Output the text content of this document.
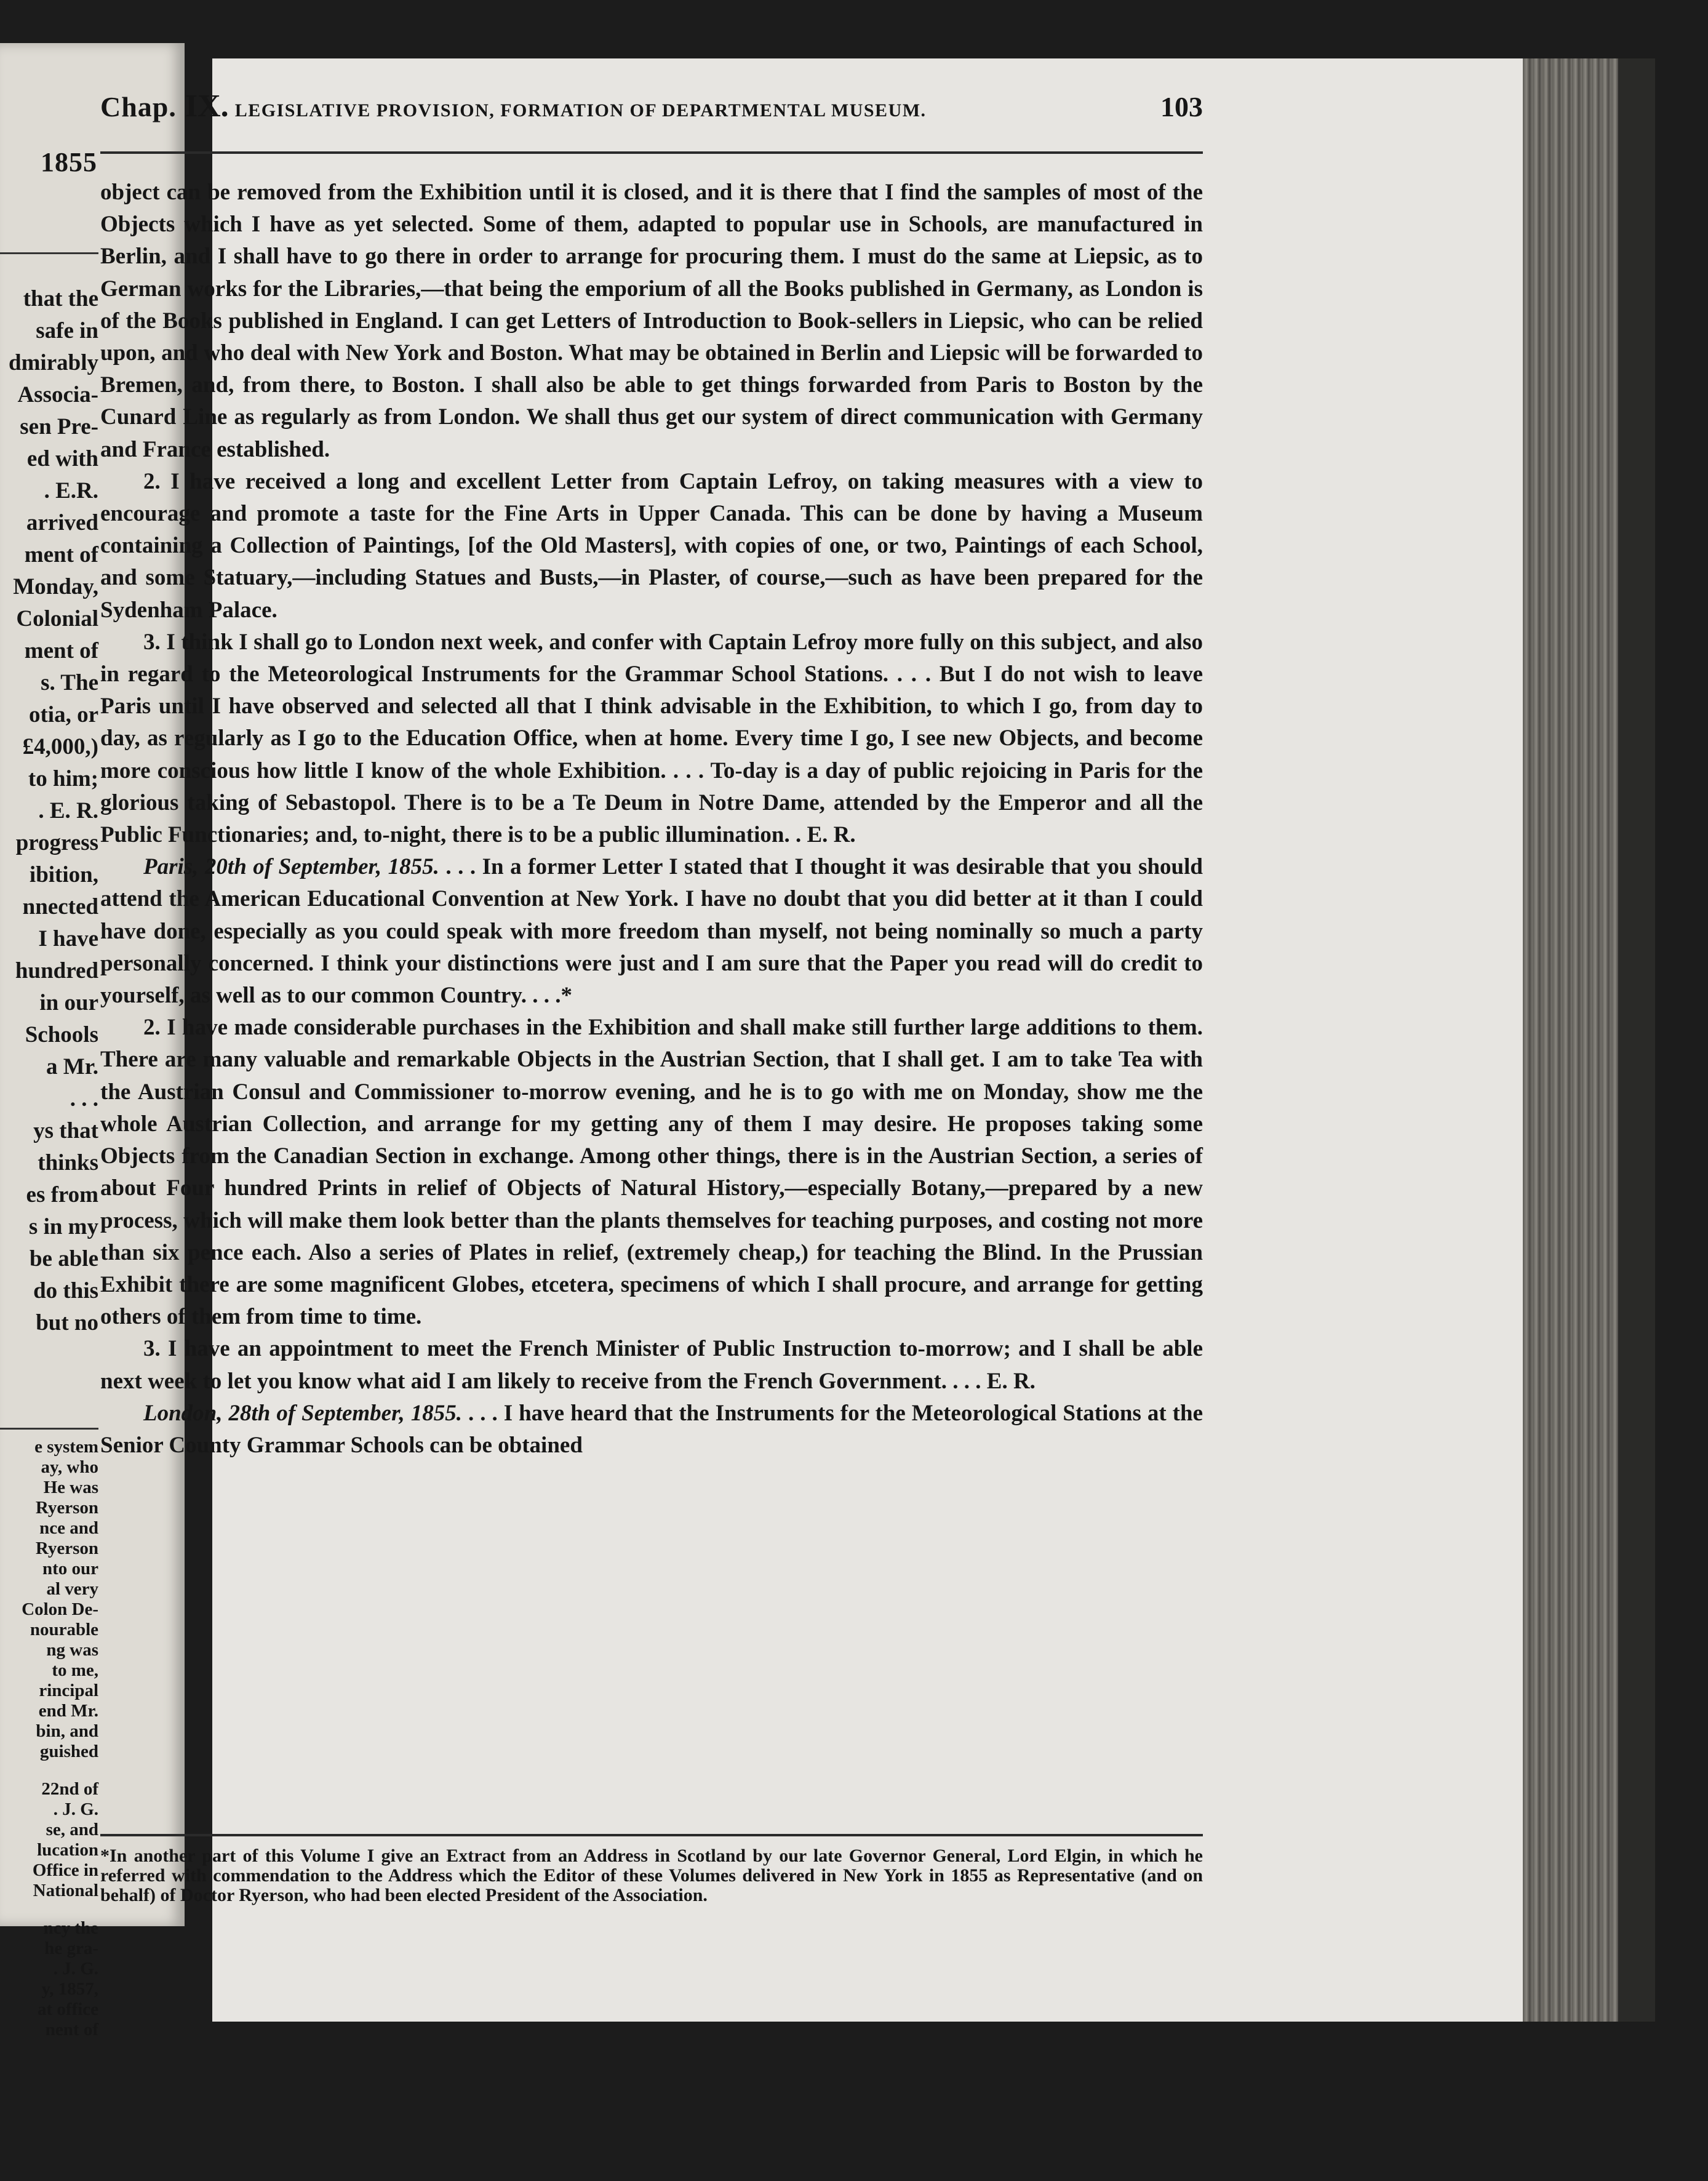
1855
that the
safe in
dmirably
Associa-
sen Pre-
ed with
. E.R.
arrived
ment of
Monday,
Colonial
ment of
s. The
otia, or
£4,000,)
to him;
. E. R.
progress
ibition,
nnected
I have
hundred
in our
Schools
a Mr.
. . .
ys that
thinks
es from
s in my
be able
do this
but no
e system
ay, who
He was
Ryerson
nce and
Ryerson
nto our
al very
Colon De-
nourable
ng was
to me,
rincipal
end Mr.
bin, and
guished
22nd of
. J. G.
se, and
lucation
Office in
National
ncy the
he gra-
. J. G.
y, 1857,
at office
nent of
Chap. IX. LEGISLATIVE PROVISION, FORMATION OF DEPARTMENTAL MUSEUM.	103

object can be removed from the Exhibition until it is closed, and it is there that I find the samples of most of the Objects which I have as yet selected. Some of them, adapted to popular use in Schools, are manufactured in Berlin, and I shall have to go there in order to arrange for procuring them. I must do the same at Liepsic, as to German works for the Libraries,—that being the emporium of all the Books published in Germany, as London is of the Books published in England. I can get Letters of Introduction to Book-sellers in Liepsic, who can be relied upon, and who deal with New York and Boston. What may be obtained in Berlin and Liepsic will be forwarded to Bremen, and, from there, to Boston. I shall also be able to get things forwarded from Paris to Boston by the Cunard Line as regularly as from London. We shall thus get our system of direct communication with Germany and France established.

2. I have received a long and excellent Letter from Captain Lefroy, on taking measures with a view to encourage and promote a taste for the Fine Arts in Upper Canada. This can be done by having a Museum containing a Collection of Paintings, [of the Old Masters], with copies of one, or two, Paintings of each School, and some Statuary,—including Statues and Busts,—in Plaster, of course,—such as have been prepared for the Sydenham Palace.

3. I think I shall go to London next week, and confer with Captain Lefroy more fully on this subject, and also in regard to the Meteorological Instruments for the Grammar School Stations. . . . But I do not wish to leave Paris until I have observed and selected all that I think advisable in the Exhibition, to which I go, from day to day, as regularly as I go to the Education Office, when at home. Every time I go, I see new Objects, and become more conscious how little I know of the whole Exhibition. . . . To-day is a day of public rejoicing in Paris for the glorious taking of Sebastopol. There is to be a Te Deum in Notre Dame, attended by the Emperor and all the Public Functionaries; and, to-night, there is to be a public illumination. . E. R.

Paris, 20th of September, 1855. . . . In a former Letter I stated that I thought it was desirable that you should attend the American Educational Convention at New York. I have no doubt that you did better at it than I could have done, especially as you could speak with more freedom than myself, not being nominally so much a party personally concerned. I think your distinctions were just and I am sure that the Paper you read will do credit to yourself, as well as to our common Country. . . .*

2. I have made considerable purchases in the Exhibition and shall make still further large additions to them. There are many valuable and remarkable Objects in the Austrian Section, that I shall get. I am to take Tea with the Austrian Consul and Commissioner to-morrow evening, and he is to go with me on Monday, show me the whole Austrian Collection, and arrange for my getting any of them I may desire. He proposes taking some Objects from the Canadian Section in exchange. Among other things, there is in the Austrian Section, a series of about Four hundred Prints in relief of Objects of Natural History,—especially Botany,—prepared by a new process, which will make them look better than the plants themselves for teaching purposes, and costing not more than six pence each. Also a series of Plates in relief, (extremely cheap,) for teaching the Blind. In the Prussian Exhibit there are some magnificent Globes, etcetera, specimens of which I shall procure, and arrange for getting others of them from time to time.

3. I have an appointment to meet the French Minister of Public Instruction to-morrow; and I shall be able next week to let you know what aid I am likely to receive from the French Government. . . . E. R.

London, 28th of September, 1855. . . . I have heard that the Instruments for the Meteorological Stations at the Senior County Grammar Schools can be obtained

*In another part of this Volume I give an Extract from an Address in Scotland by our late Governor General, Lord Elgin, in which he referred with commendation to the Address which the Editor of these Volumes delivered in New York in 1855 as Representative (and on behalf) of Doctor Ryerson, who had been elected President of the Association.
